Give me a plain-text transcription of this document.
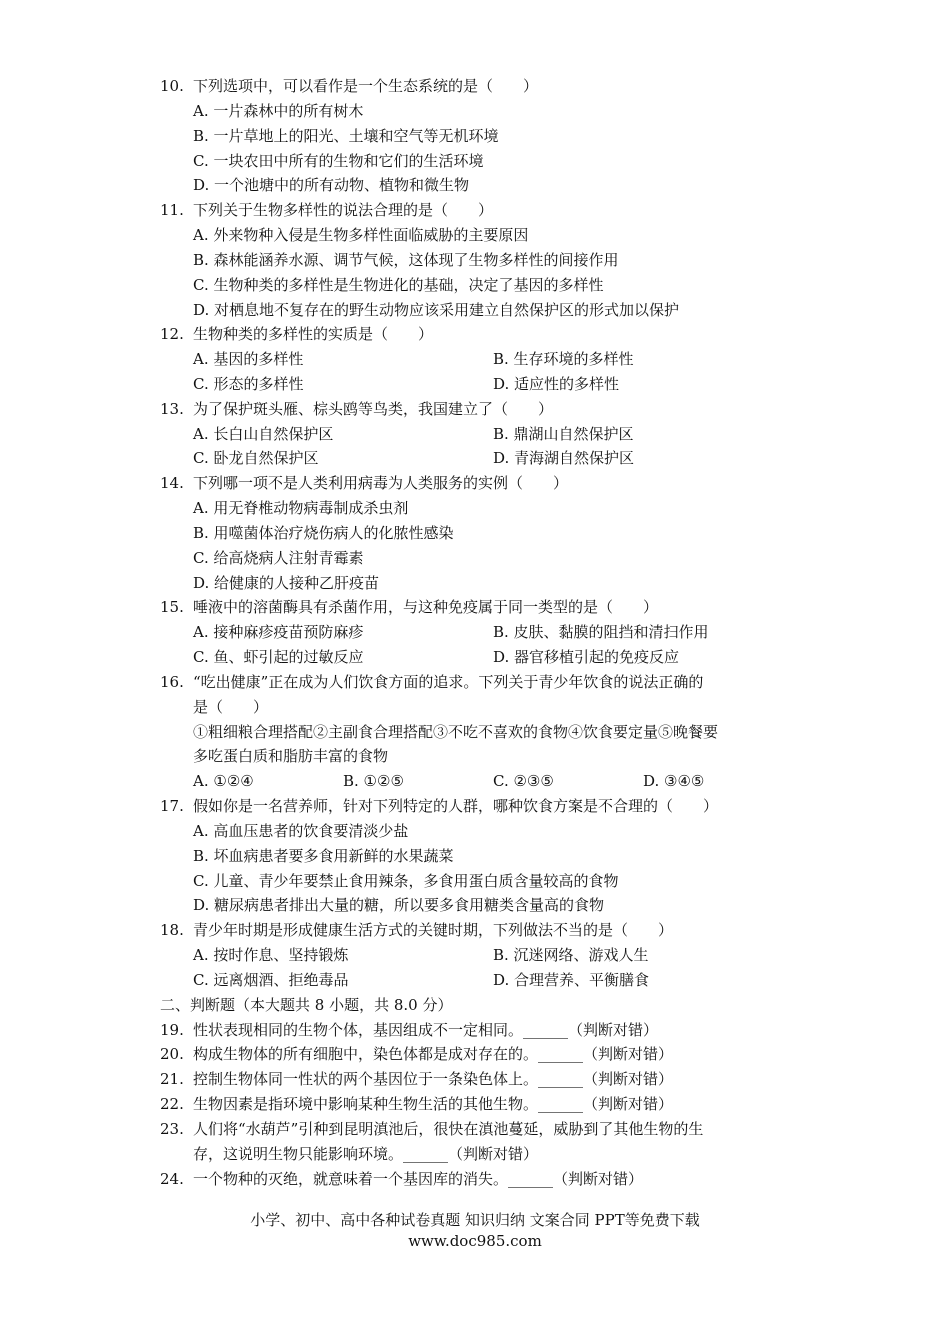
10. 下列选项中，可以看作是一个生态系统的是（　　）
A. 一片森林中的所有树木
B. 一片草地上的阳光、土壤和空气等无机环境
C. 一块农田中所有的生物和它们的生活环境
D. 一个池塘中的所有动物、植物和微生物
11. 下列关于生物多样性的说法合理的是（　　）
A. 外来物种入侵是生物多样性面临威胁的主要原因
B. 森林能涵养水源、调节气候，这体现了生物多样性的间接作用
C. 生物种类的多样性是生物进化的基础，决定了基因的多样性
D. 对栖息地不复存在的野生动物应该采用建立自然保护区的形式加以保护
12. 生物种类的多样性的实质是（　　）
A. 基因的多样性	B. 生存环境的多样性
C. 形态的多样性	D. 适应性的多样性
13. 为了保护斑头雁、棕头鸥等鸟类，我国建立了（　　）
A. 长白山自然保护区	B. 鼎湖山自然保护区
C. 卧龙自然保护区	D. 青海湖自然保护区
14. 下列哪一项不是人类利用病毒为人类服务的实例（　　）
A. 用无脊椎动物病毒制成杀虫剂
B. 用噬菌体治疗烧伤病人的化脓性感染
C. 给高烧病人注射青霉素
D. 给健康的人接种乙肝疫苗
15. 唾液中的溶菌酶具有杀菌作用，与这种免疫属于同一类型的是（　　）
A. 接种麻疹疫苗预防麻疹	B. 皮肤、黏膜的阻挡和清扫作用
C. 鱼、虾引起的过敏反应	D. 器官移植引起的免疫反应
16. “吃出健康”正在成为人们饮食方面的追求。下列关于青少年饮食的说法正确的
是（　　）
①粗细粮合理搭配②主副食合理搭配③不吃不喜欢的食物④饮食要定量⑤晚餐要
多吃蛋白质和脂肪丰富的食物
A. ①②④	B. ①②⑤	C. ②③⑤	D. ③④⑤
17. 假如你是一名营养师，针对下列特定的人群，哪种饮食方案是不合理的（　　）
A. 高血压患者的饮食要清淡少盐
B. 坏血病患者要多食用新鲜的水果蔬菜
C. 儿童、青少年要禁止食用辣条，多食用蛋白质含量较高的食物
D. 糖尿病患者排出大量的糖，所以要多食用糖类含量高的食物
18. 青少年时期是形成健康生活方式的关键时期，下列做法不当的是（　　）
A. 按时作息、坚持锻炼	B. 沉迷网络、游戏人生
C. 远离烟酒、拒绝毒品	D. 合理营养、平衡膳食
二、判断题（本大题共 8 小题，共 8.0 分）
19. 性状表现相同的生物个体，基因组成不一定相同。______（判断对错）
20. 构成生物体的所有细胞中，染色体都是成对存在的。______（判断对错）
21. 控制生物体同一性状的两个基因位于一条染色体上。______（判断对错）
22. 生物因素是指环境中影响某种生物生活的其他生物。______（判断对错）
23. 人们将“水葫芦”引种到昆明滇池后，很快在滇池蔓延，威胁到了其他生物的生
存，这说明生物只能影响环境。______（判断对错）
24. 一个物种的灭绝，就意味着一个基因库的消失。______（判断对错）
小学、初中、高中各种试卷真题 知识归纳 文案合同 PPT等免费下载
www.doc985.com
